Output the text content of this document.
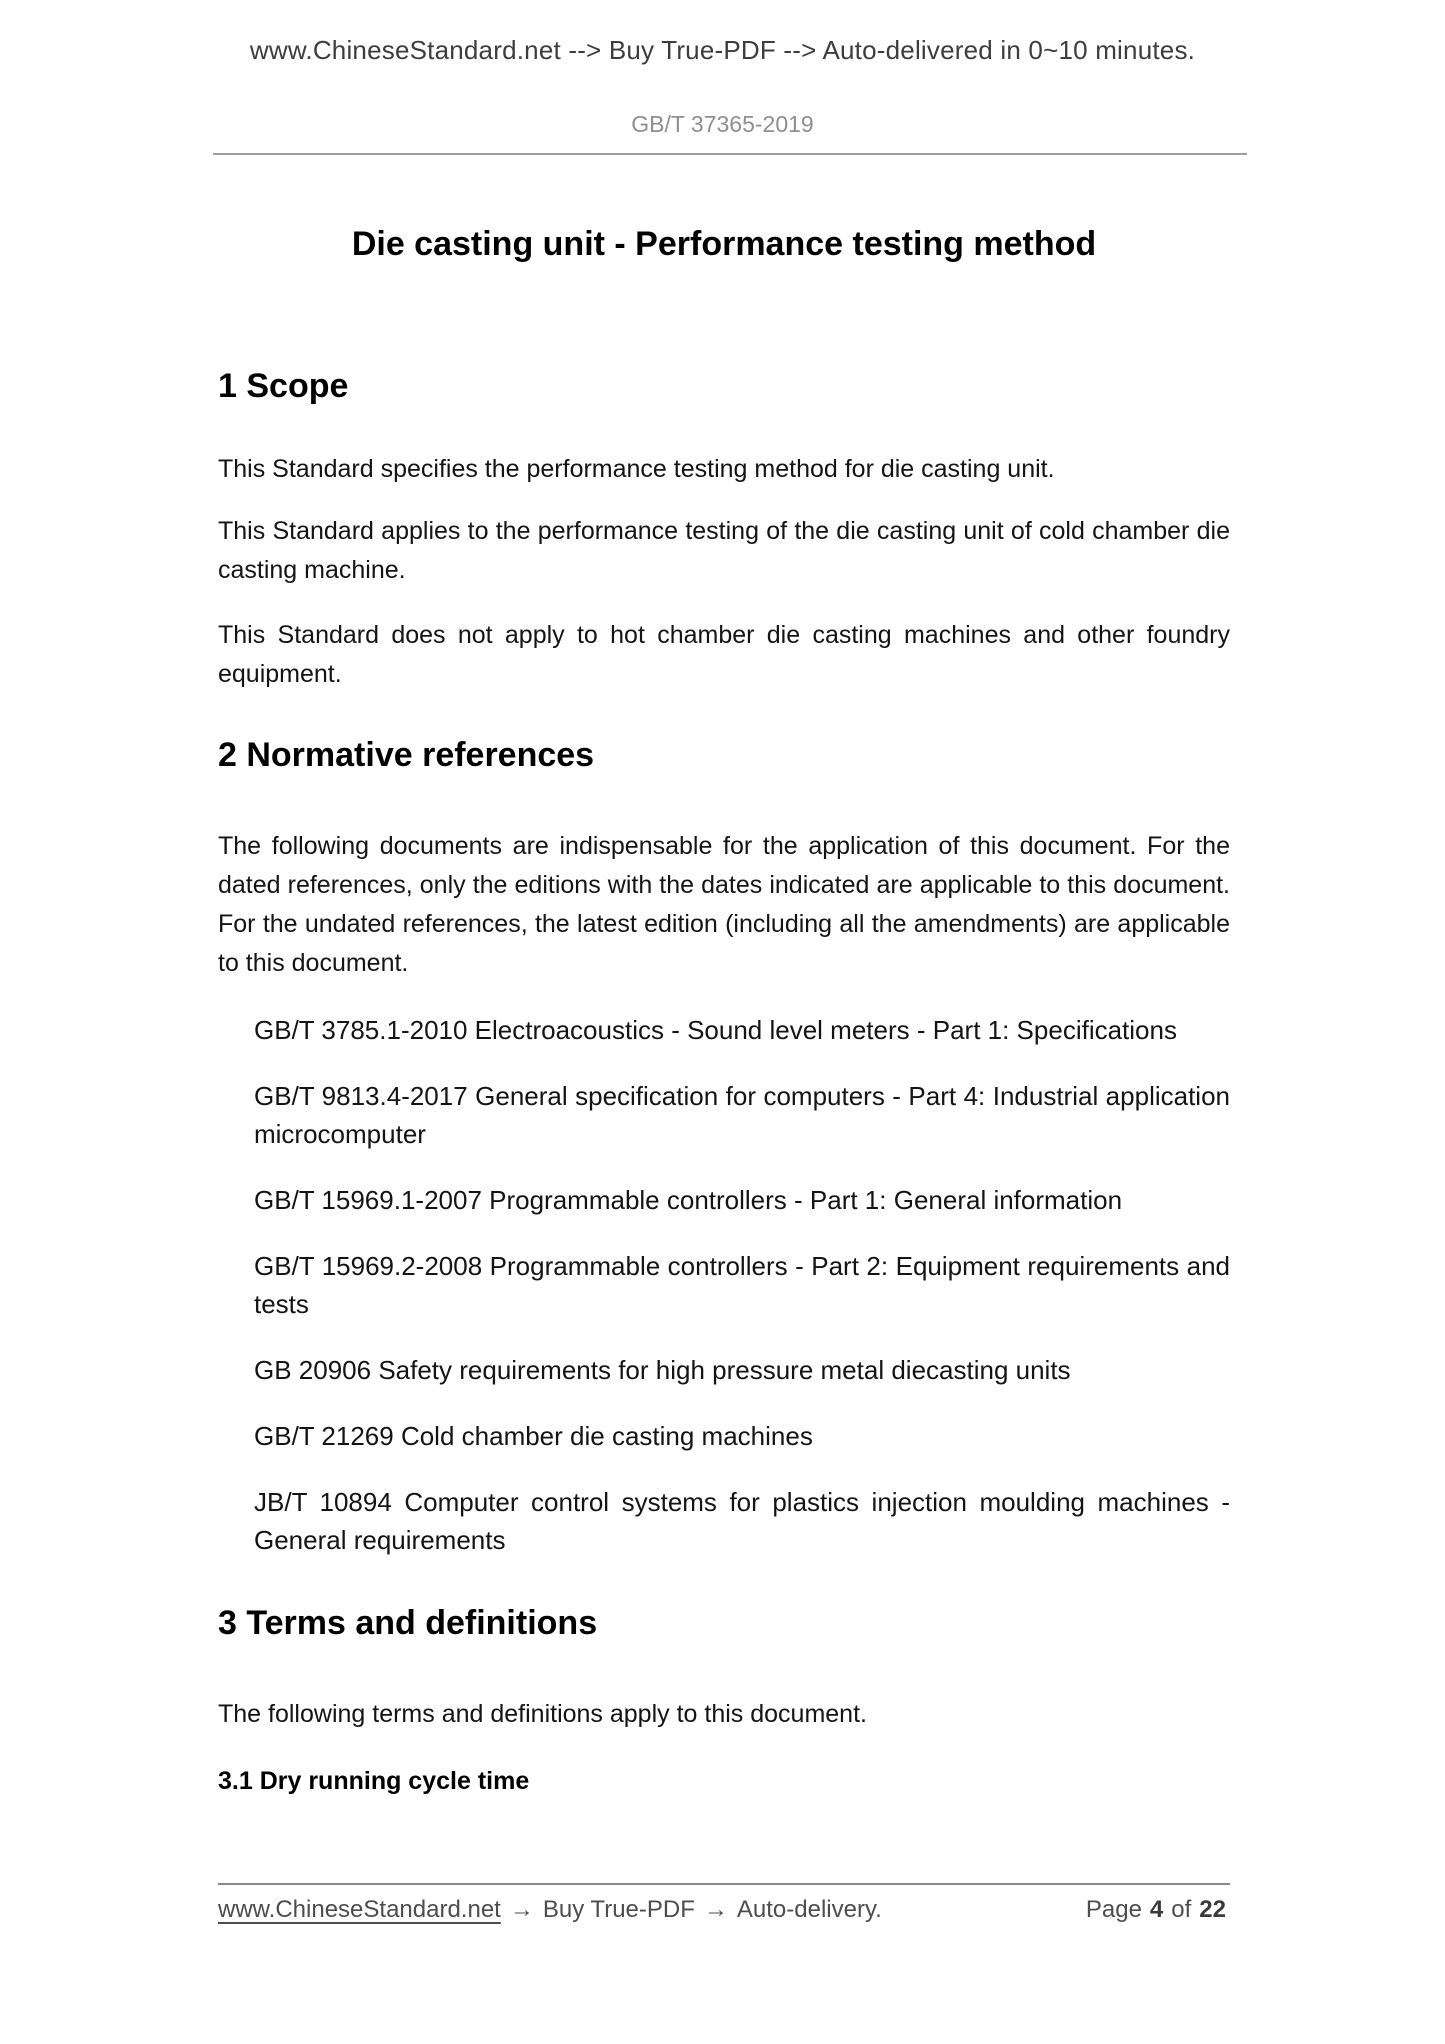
www.ChineseStandard.net --> Buy True-PDF --> Auto-delivered in 0~10 minutes.
GB/T 37365-2019
Die casting unit - Performance testing method
1 Scope

This Standard specifies the performance testing method for die casting unit.

This Standard applies to the performance testing of the die casting unit of cold chamber die casting machine.

This Standard does not apply to hot chamber die casting machines and other foundry equipment.

2 Normative references

The following documents are indispensable for the application of this document. For the dated references, only the editions with the dates indicated are applicable to this document. For the undated references, the latest edition (including all the amendments) are applicable to this document.

GB/T 3785.1-2010 Electroacoustics - Sound level meters - Part 1: Specifications

GB/T 9813.4-2017 General specification for computers - Part 4: Industrial application microcomputer

GB/T 15969.1-2007 Programmable controllers - Part 1: General information

GB/T 15969.2-2008 Programmable controllers - Part 2: Equipment requirements and tests

GB 20906 Safety requirements for high pressure metal diecasting units

GB/T 21269 Cold chamber die casting machines

JB/T 10894 Computer control systems for plastics injection moulding machines - General requirements

3 Terms and definitions

The following terms and definitions apply to this document.

3.1 Dry running cycle time

www.ChineseStandard.net → Buy True-PDF → Auto-delivery.	Page 4 of 22
